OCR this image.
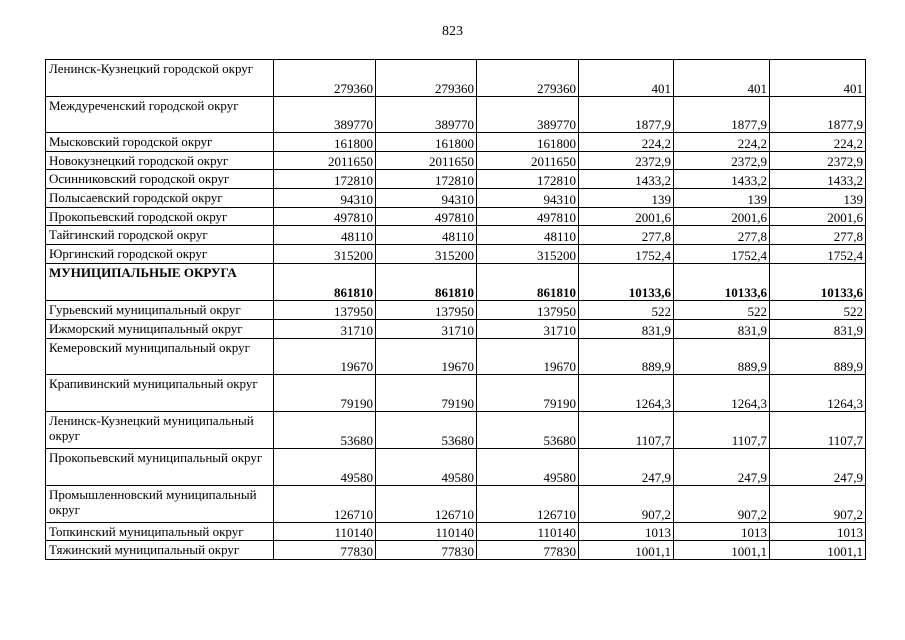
823
Ленинск-Кузнецкий городской округ	279360	279360	279360	401	401	401
Междуреченский городской округ	389770	389770	389770	1877,9	1877,9	1877,9
Мысковский городской округ	161800	161800	161800	224,2	224,2	224,2
Новокузнецкий городской округ	2011650	2011650	2011650	2372,9	2372,9	2372,9
Осинниковский городской округ	172810	172810	172810	1433,2	1433,2	1433,2
Полысаевский городской округ	94310	94310	94310	139	139	139
Прокопьевский городской округ	497810	497810	497810	2001,6	2001,6	2001,6
Тайгинский городской округ	48110	48110	48110	277,8	277,8	277,8
Юргинский городской округ	315200	315200	315200	1752,4	1752,4	1752,4
МУНИЦИПАЛЬНЫЕ ОКРУГА	861810	861810	861810	10133,6	10133,6	10133,6
Гурьевский муниципальный округ	137950	137950	137950	522	522	522
Ижморский муниципальный округ	31710	31710	31710	831,9	831,9	831,9
Кемеровский муниципальный округ	19670	19670	19670	889,9	889,9	889,9
Крапивинский муниципальный округ	79190	79190	79190	1264,3	1264,3	1264,3
Ленинск-Кузнецкий муниципальный округ	53680	53680	53680	1107,7	1107,7	1107,7
Прокопьевский муниципальный округ	49580	49580	49580	247,9	247,9	247,9
Промышленновский муниципальный округ	126710	126710	126710	907,2	907,2	907,2
Топкинский муниципальный округ	110140	110140	110140	1013	1013	1013
Тяжинский муниципальный округ	77830	77830	77830	1001,1	1001,1	1001,1
